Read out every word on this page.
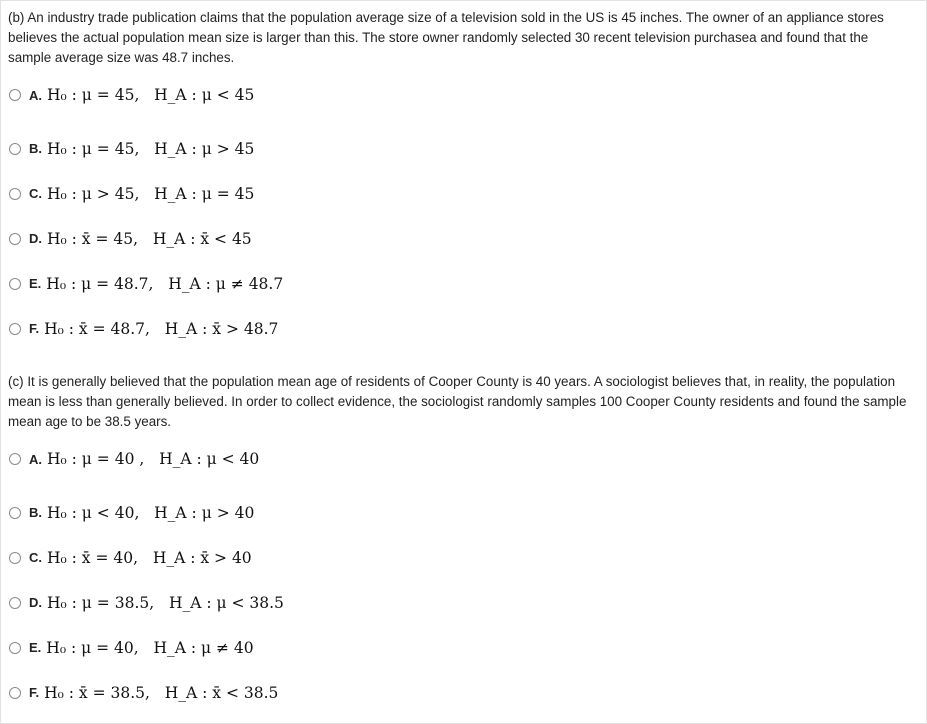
(b) An industry trade publication claims that the population average size of a television sold in the US is 45 inches. The owner of an appliance stores believes the actual population mean size is larger than this. The store owner randomly selected 30 recent television purchasea and found that the sample average size was 48.7 inches.

A. H₀ : μ = 45,   H_A : μ < 45
B. H₀ : μ = 45,   H_A : μ > 45
C. H₀ : μ > 45,   H_A : μ = 45
D. H₀ : x̄ = 45,   H_A : x̄ < 45
E. H₀ : μ = 48.7,   H_A : μ ≠ 48.7
F. H₀ : x̄ = 48.7,   H_A : x̄ > 48.7

(c) It is generally believed that the population mean age of residents of Cooper County is 40 years. A sociologist believes that, in reality, the population mean is less than generally believed. In order to collect evidence, the sociologist randomly samples 100 Cooper County residents and found the sample mean age to be 38.5 years.

A. H₀ : μ = 40 ,   H_A : μ < 40
B. H₀ : μ < 40,   H_A : μ > 40
C. H₀ : x̄ = 40,   H_A : x̄ > 40
D. H₀ : μ = 38.5,   H_A : μ < 38.5
E. H₀ : μ = 40,   H_A : μ ≠ 40
F. H₀ : x̄ = 38.5,   H_A : x̄ < 38.5
